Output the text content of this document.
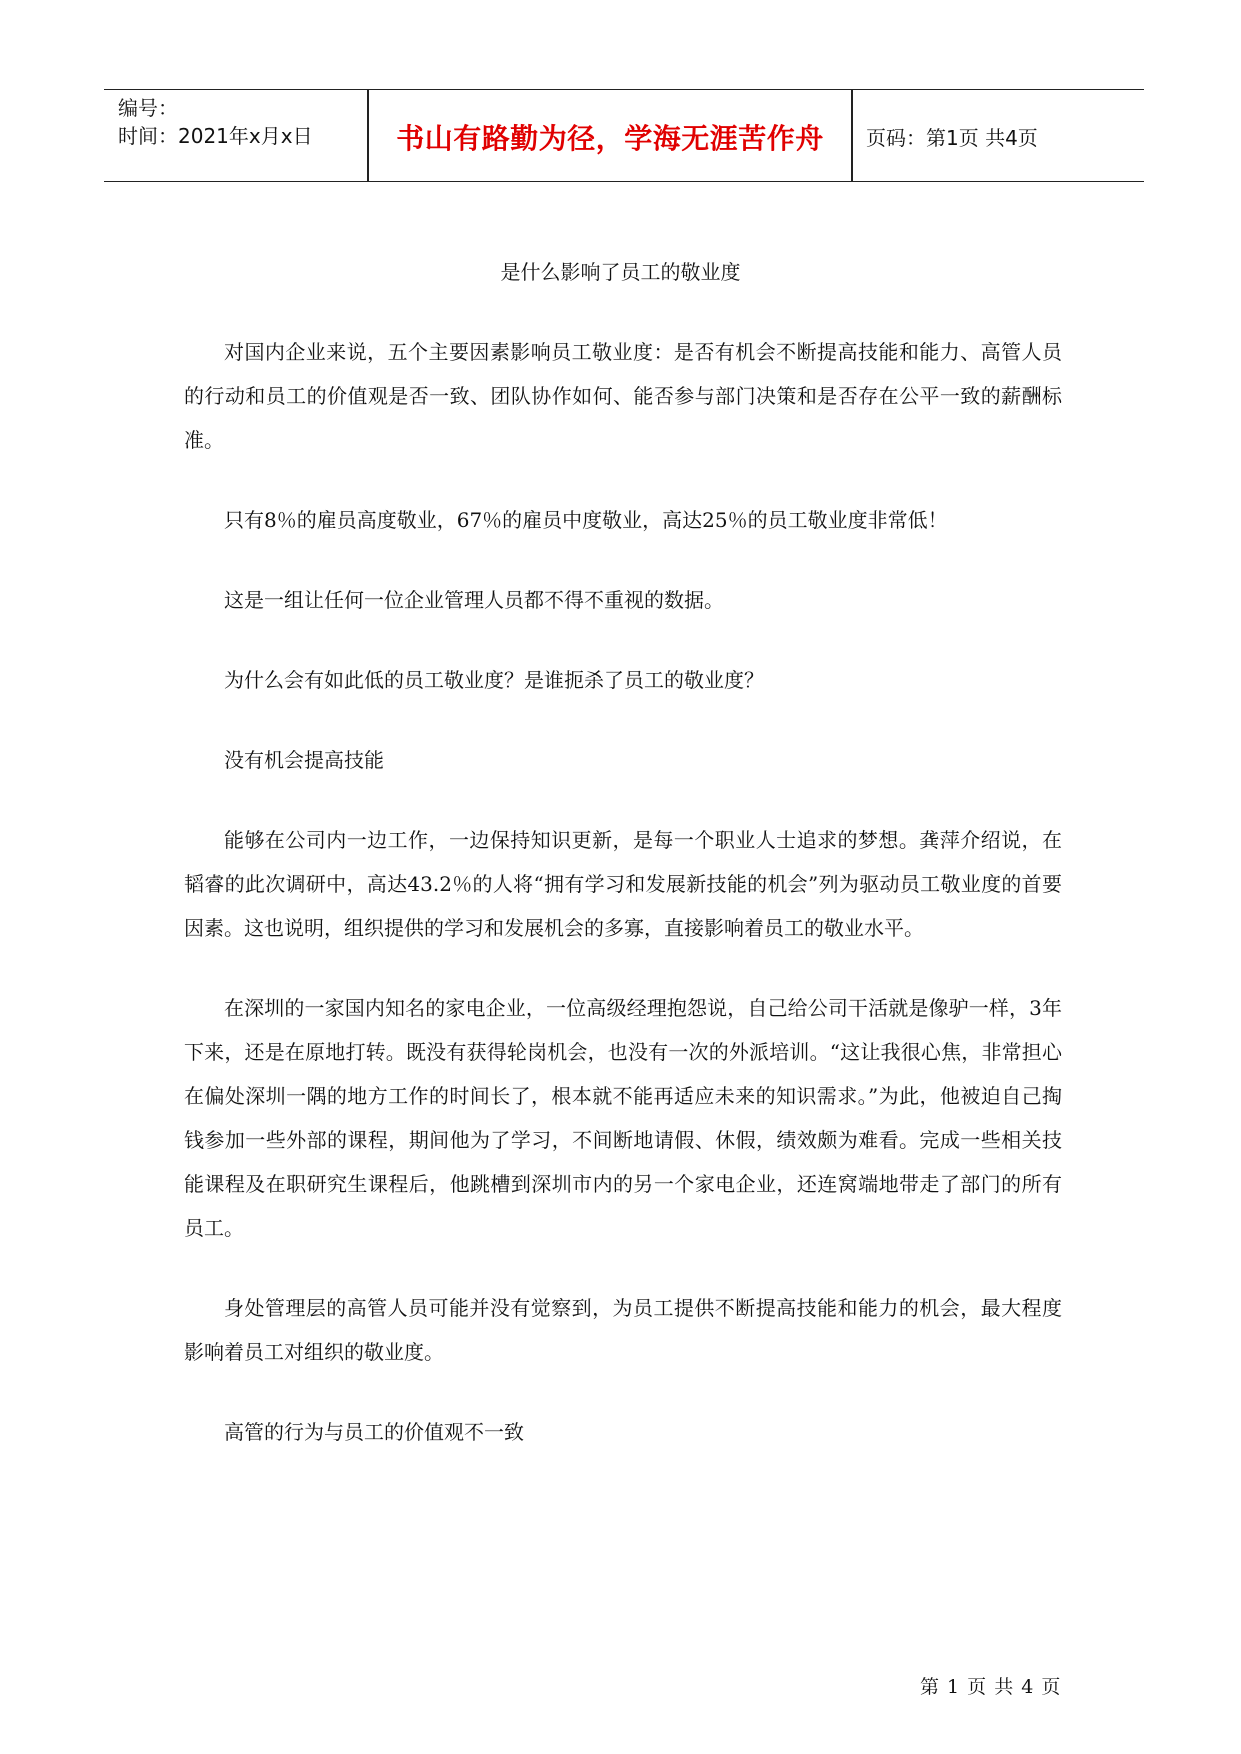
编号：
时间：2021年x月x日	书山有路勤为径，学海无涯苦作舟	页码：第1页 共4页
是什么影响了员工的敬业度

对国内企业来说，五个主要因素影响员工敬业度：是否有机会不断提高技能和能力、高管人员的行动和员工的价值观是否一致、团队协作如何、能否参与部门决策和是否存在公平一致的薪酬标准。

只有8％的雇员高度敬业，67％的雇员中度敬业，高达25％的员工敬业度非常低！

这是一组让任何一位企业管理人员都不得不重视的数据。

为什么会有如此低的员工敬业度？是谁扼杀了员工的敬业度？

没有机会提高技能

能够在公司内一边工作，一边保持知识更新，是每一个职业人士追求的梦想。龚萍介绍说，在韬睿的此次调研中，高达43.2％的人将“拥有学习和发展新技能的机会”列为驱动员工敬业度的首要因素。这也说明，组织提供的学习和发展机会的多寡，直接影响着员工的敬业水平。

在深圳的一家国内知名的家电企业，一位高级经理抱怨说，自己给公司干活就是像驴一样，3年下来，还是在原地打转。既没有获得轮岗机会，也没有一次的外派培训。“这让我很心焦，非常担心在偏处深圳一隅的地方工作的时间长了，根本就不能再适应未来的知识需求。”为此，他被迫自己掏钱参加一些外部的课程，期间他为了学习，不间断地请假、休假，绩效颇为难看。完成一些相关技能课程及在职研究生课程后，他跳槽到深圳市内的另一个家电企业，还连窝端地带走了部门的所有员工。

身处管理层的高管人员可能并没有觉察到，为员工提供不断提高技能和能力的机会，最大程度影响着员工对组织的敬业度。

高管的行为与员工的价值观不一致

第 1 页 共 4 页
